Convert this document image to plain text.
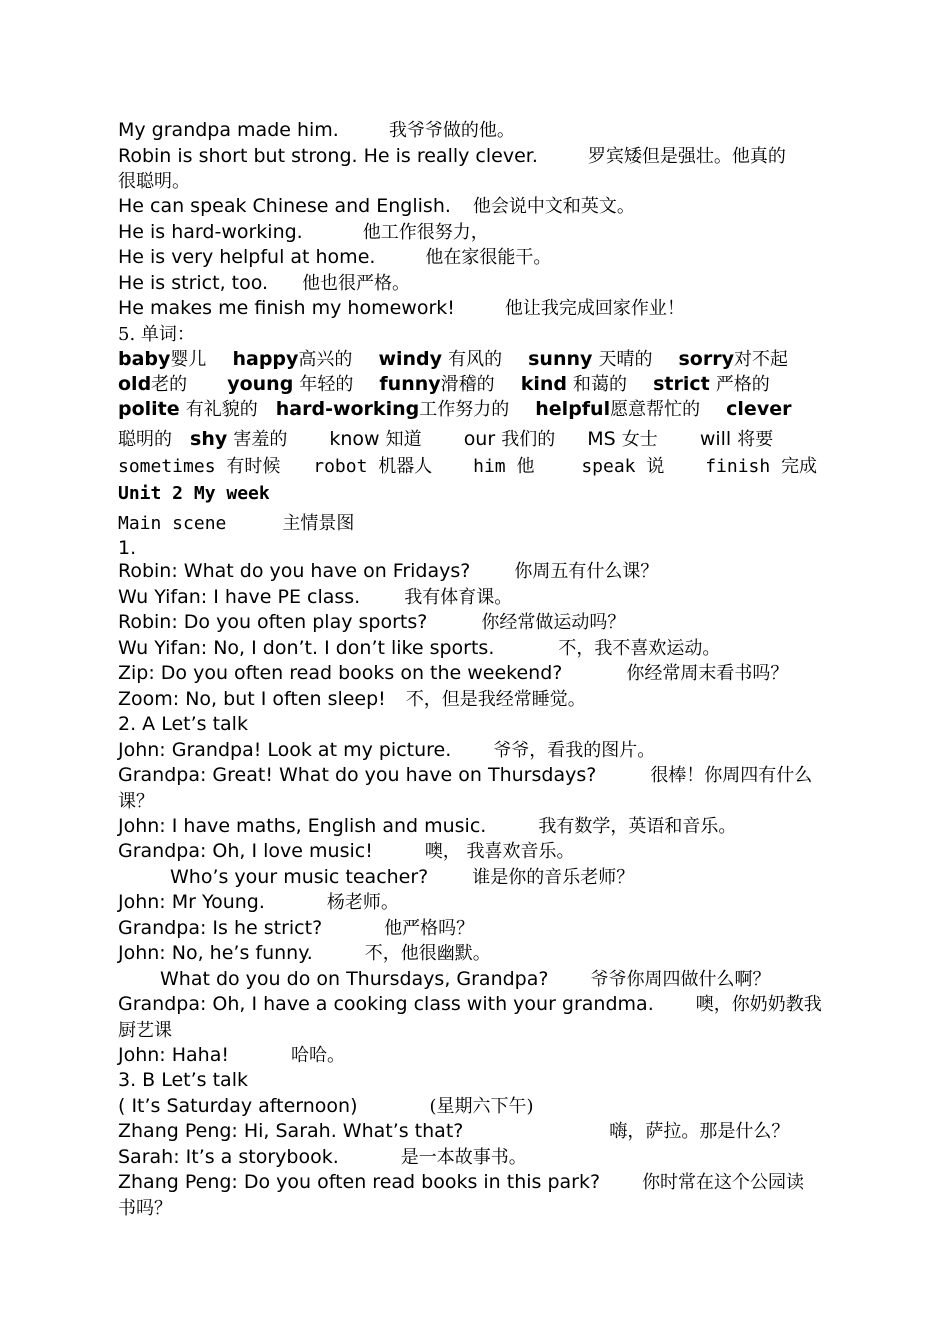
My grandpa made him.	我爷爷做的他。
Robin is short but strong. He is really clever.	罗宾矮但是强壮。他真的
很聪明。
He can speak Chinese and English. 他会说中文和英文。
He is hard-working.	他工作很努力，
He is very helpful at home.	他在家很能干。
He is strict, too. 他也很严格。
He makes me finish my homework!	他让我完成回家作业！
5. 单词：
baby婴儿 happy高兴的 windy 有风的 sunny 天晴的 sorry对不起
old老的 young 年轻的 funny滑稽的 kind 和蔼的 strict 严格的
polite 有礼貌的 hard-working工作努力的 helpful愿意帮忙的 clever
聪明的 shy 害羞的 know 知道 our 我们的 MS 女士 will 将要
sometimes 有时候 robot 机器人 him 他	speak 说 finish 完成
Unit 2 My week
Main scene	主情景图
1.
Robin: What do you have on Fridays? 你周五有什么课？
Wu Yifan: I have PE class. 我有体育课。
Robin: Do you often play sports?	你经常做运动吗？
Wu Yifan: No, I don’t. I don’t like sports.	不，我不喜欢运动。
Zip: Do you often read books on the weekend?	你经常周末看书吗？
Zoom: No, but I often sleep! 不，但是我经常睡觉。
2. A Let’s talk
John: Grandpa! Look at my picture. 爷爷，看我的图片。
Grandpa: Great! What do you have on Thursdays?	很棒！你周四有什么
课？
John: I have maths, English and music.	我有数学，英语和音乐。
Grandpa: Oh, I love music!	噢， 我喜欢音乐。
Who’s your music teacher? 谁是你的音乐老师？
John: Mr Young.	杨老师。
Grandpa: Is he strict?	他严格吗？
John: No, he’s funny.	不，他很幽默。
What do you do on Thursdays, Grandpa? 爷爷你周四做什么啊？
Grandpa: Oh, I have a cooking class with your grandma. 噢，你奶奶教我
厨艺课
John: Haha!	哈哈。
3. B Let’s talk
( It’s Saturday afternoon)	(星期六下午)
Zhang Peng: Hi, Sarah. What’s that?	嗨，萨拉。那是什么？
Sarah: It’s a storybook.	是一本故事书。
Zhang Peng: Do you often read books in this park? 你时常在这个公园读
书吗？
